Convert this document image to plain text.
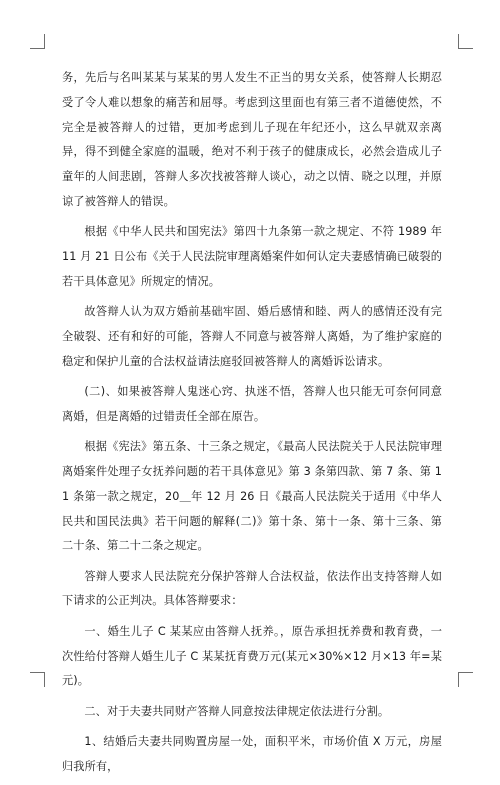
务，先后与名叫某某与某某的男人发生不正当的男女关系，使答辩人长期忍受了令人难以想象的痛苦和屈辱。考虑到这里面也有第三者不道德使然，不完全是被答辩人的过错，更加考虑到儿子现在年纪还小，这么早就双亲离异，得不到健全家庭的温暖，绝对不利于孩子的健康成长，必然会造成儿子童年的人间悲剧，答辩人多次找被答辩人谈心，动之以情、晓之以理，并原谅了被答辩人的错误。

根据《中华人民共和国宪法》第四十九条第一款之规定、不符 1989 年 11 月 21 日公布《关于人民法院审理离婚案件如何认定夫妻感情确已破裂的若干具体意见》所规定的情况。

故答辩人认为双方婚前基础牢固、婚后感情和睦、两人的感情还没有完全破裂、还有和好的可能，答辩人不同意与被答辩人离婚，为了维护家庭的稳定和保护儿童的合法权益请法庭驳回被答辩人的离婚诉讼请求。

(二)、如果被答辩人鬼迷心窍、执迷不悟，答辩人也只能无可奈何同意离婚，但是离婚的过错责任全部在原告。

根据《宪法》第五条、十三条之规定，《最高人民法院关于人民法院审理离婚案件处理子女抚养问题的若干具体意见》第 3 条第四款、第 7 条、第 11 条第一款之规定，20＿年 12 月 26 日《最高人民法院关于适用《中华人民共和国民法典》若干问题的解释(二)》第十条、第十一条、第十三条、第二十条、第二十二条之规定。

答辩人要求人民法院充分保护答辩人合法权益，依法作出支持答辩人如下请求的公正判决。具体答辩要求：

一、婚生儿子 C 某某应由答辩人抚养。，原告承担抚养费和教育费，一次性给付答辩人婚生儿子 C 某某抚育费万元(某元×30%×12 月×13 年=某元)。

二、对于夫妻共同财产答辩人同意按法律规定依法进行分割。

1、结婚后夫妻共同购置房屋一处，面积平米，市场价值 X 万元，房屋归我所有，
